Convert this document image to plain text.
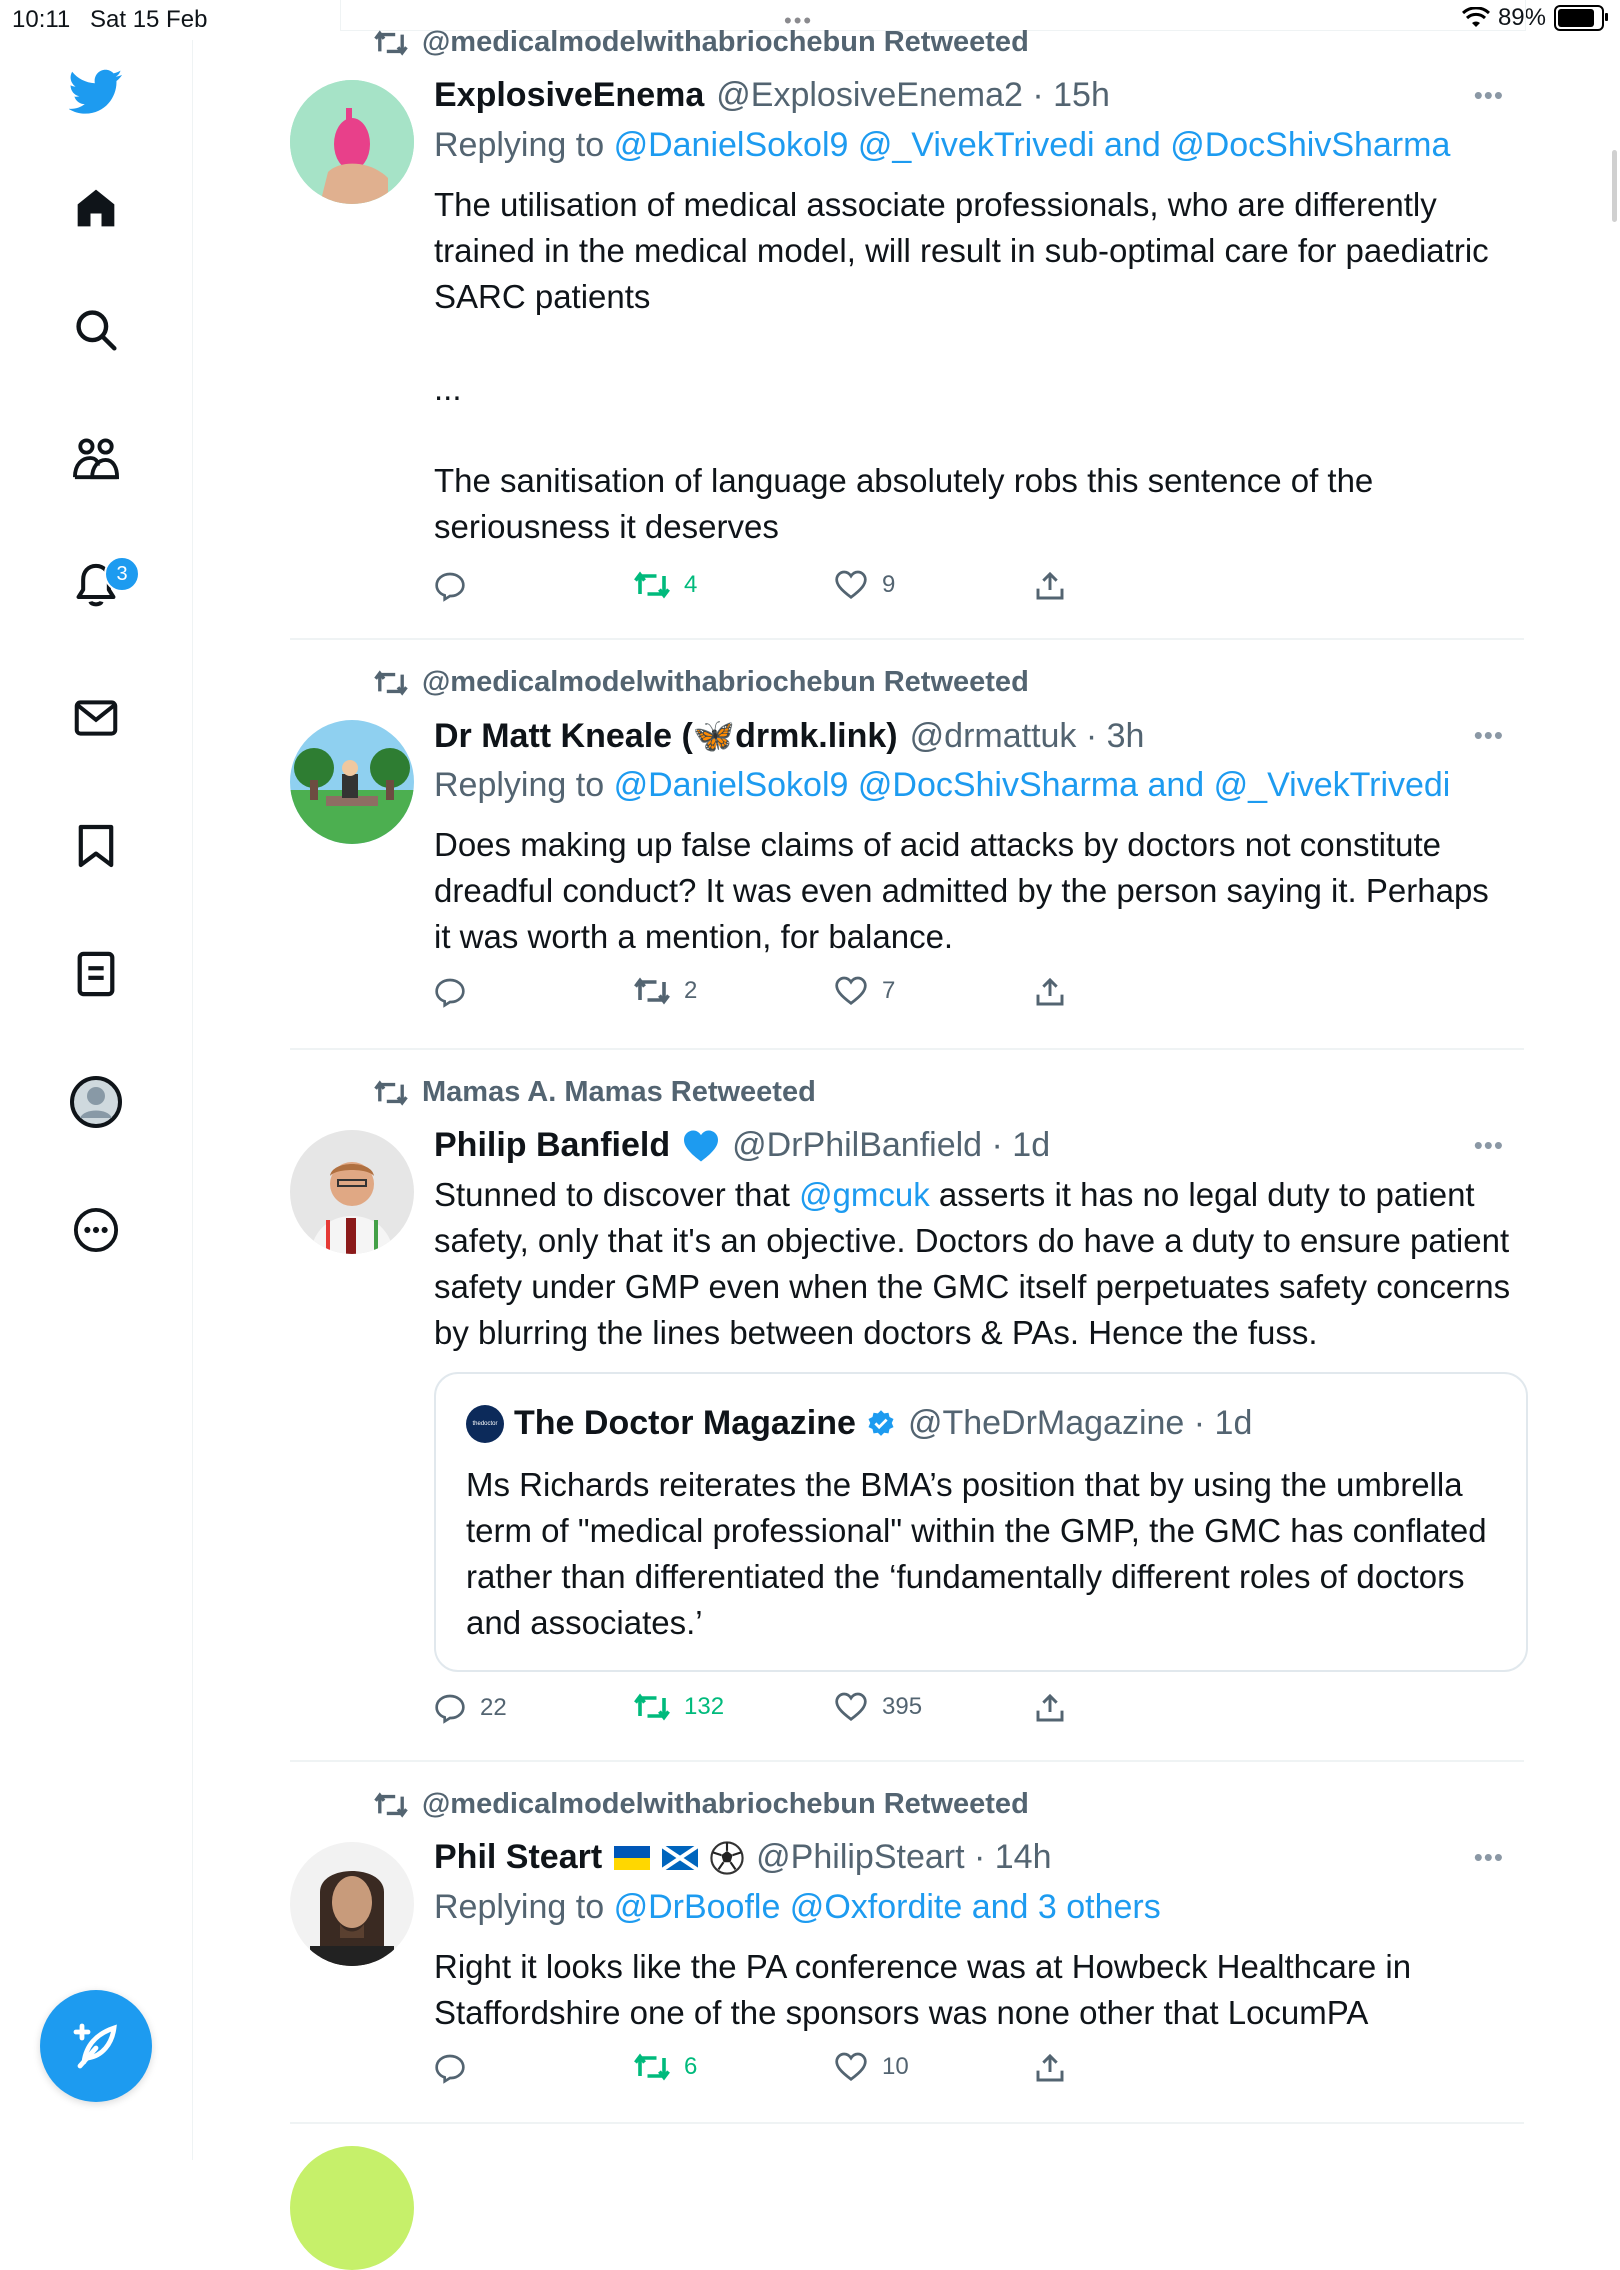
10:11 Sat 15 Feb	•••	89%
3
@medicalmodelwithabriochebun Retweeted
ExplosiveEnema @ExplosiveEnema2 · 15h	•••
Replying to @DanielSokol9 @_VivekTrivedi and @DocShivSharma
The utilisation of medical associate professionals, who are differently trained in the medical model, will result in sub-optimal care for paediatric SARC patients

...

The sanitisation of language absolutely robs this sentence of the seriousness it deserves
4	9
@medicalmodelwithabriochebun Retweeted
Dr Matt Kneale (🦋drmk.link) @drmattuk · 3h	•••
Replying to @DanielSokol9 @DocShivSharma and @_VivekTrivedi
Does making up false claims of acid attacks by doctors not constitute dreadful conduct? It was even admitted by the person saying it. Perhaps it was worth a mention, for balance.
2	7
Mamas A. Mamas Retweeted
Philip Banfield @DrPhilBanfield · 1d	•••
Stunned to discover that @gmcuk asserts it has no legal duty to patient safety, only that it's an objective. Doctors do have a duty to ensure patient safety under GMP even when the GMC itself perpetuates safety concerns by blurring the lines between doctors & PAs. Hence the fuss.
thedoctor The Doctor Magazine @TheDrMagazine · 1d
Ms Richards reiterates the BMA’s position that by using the umbrella term of "medical professional" within the GMP, the GMC has conflated rather than differentiated the ‘fundamentally different roles of doctors and associates.’
22	132	395
@medicalmodelwithabriochebun Retweeted
Phil Steart	@PhilipSteart · 14h	•••
Replying to @DrBoofle @Oxfordite and 3 others
Right it looks like the PA conference was at Howbeck Healthcare in Staffordshire one of the sponsors was none other that LocumPA
6	10
